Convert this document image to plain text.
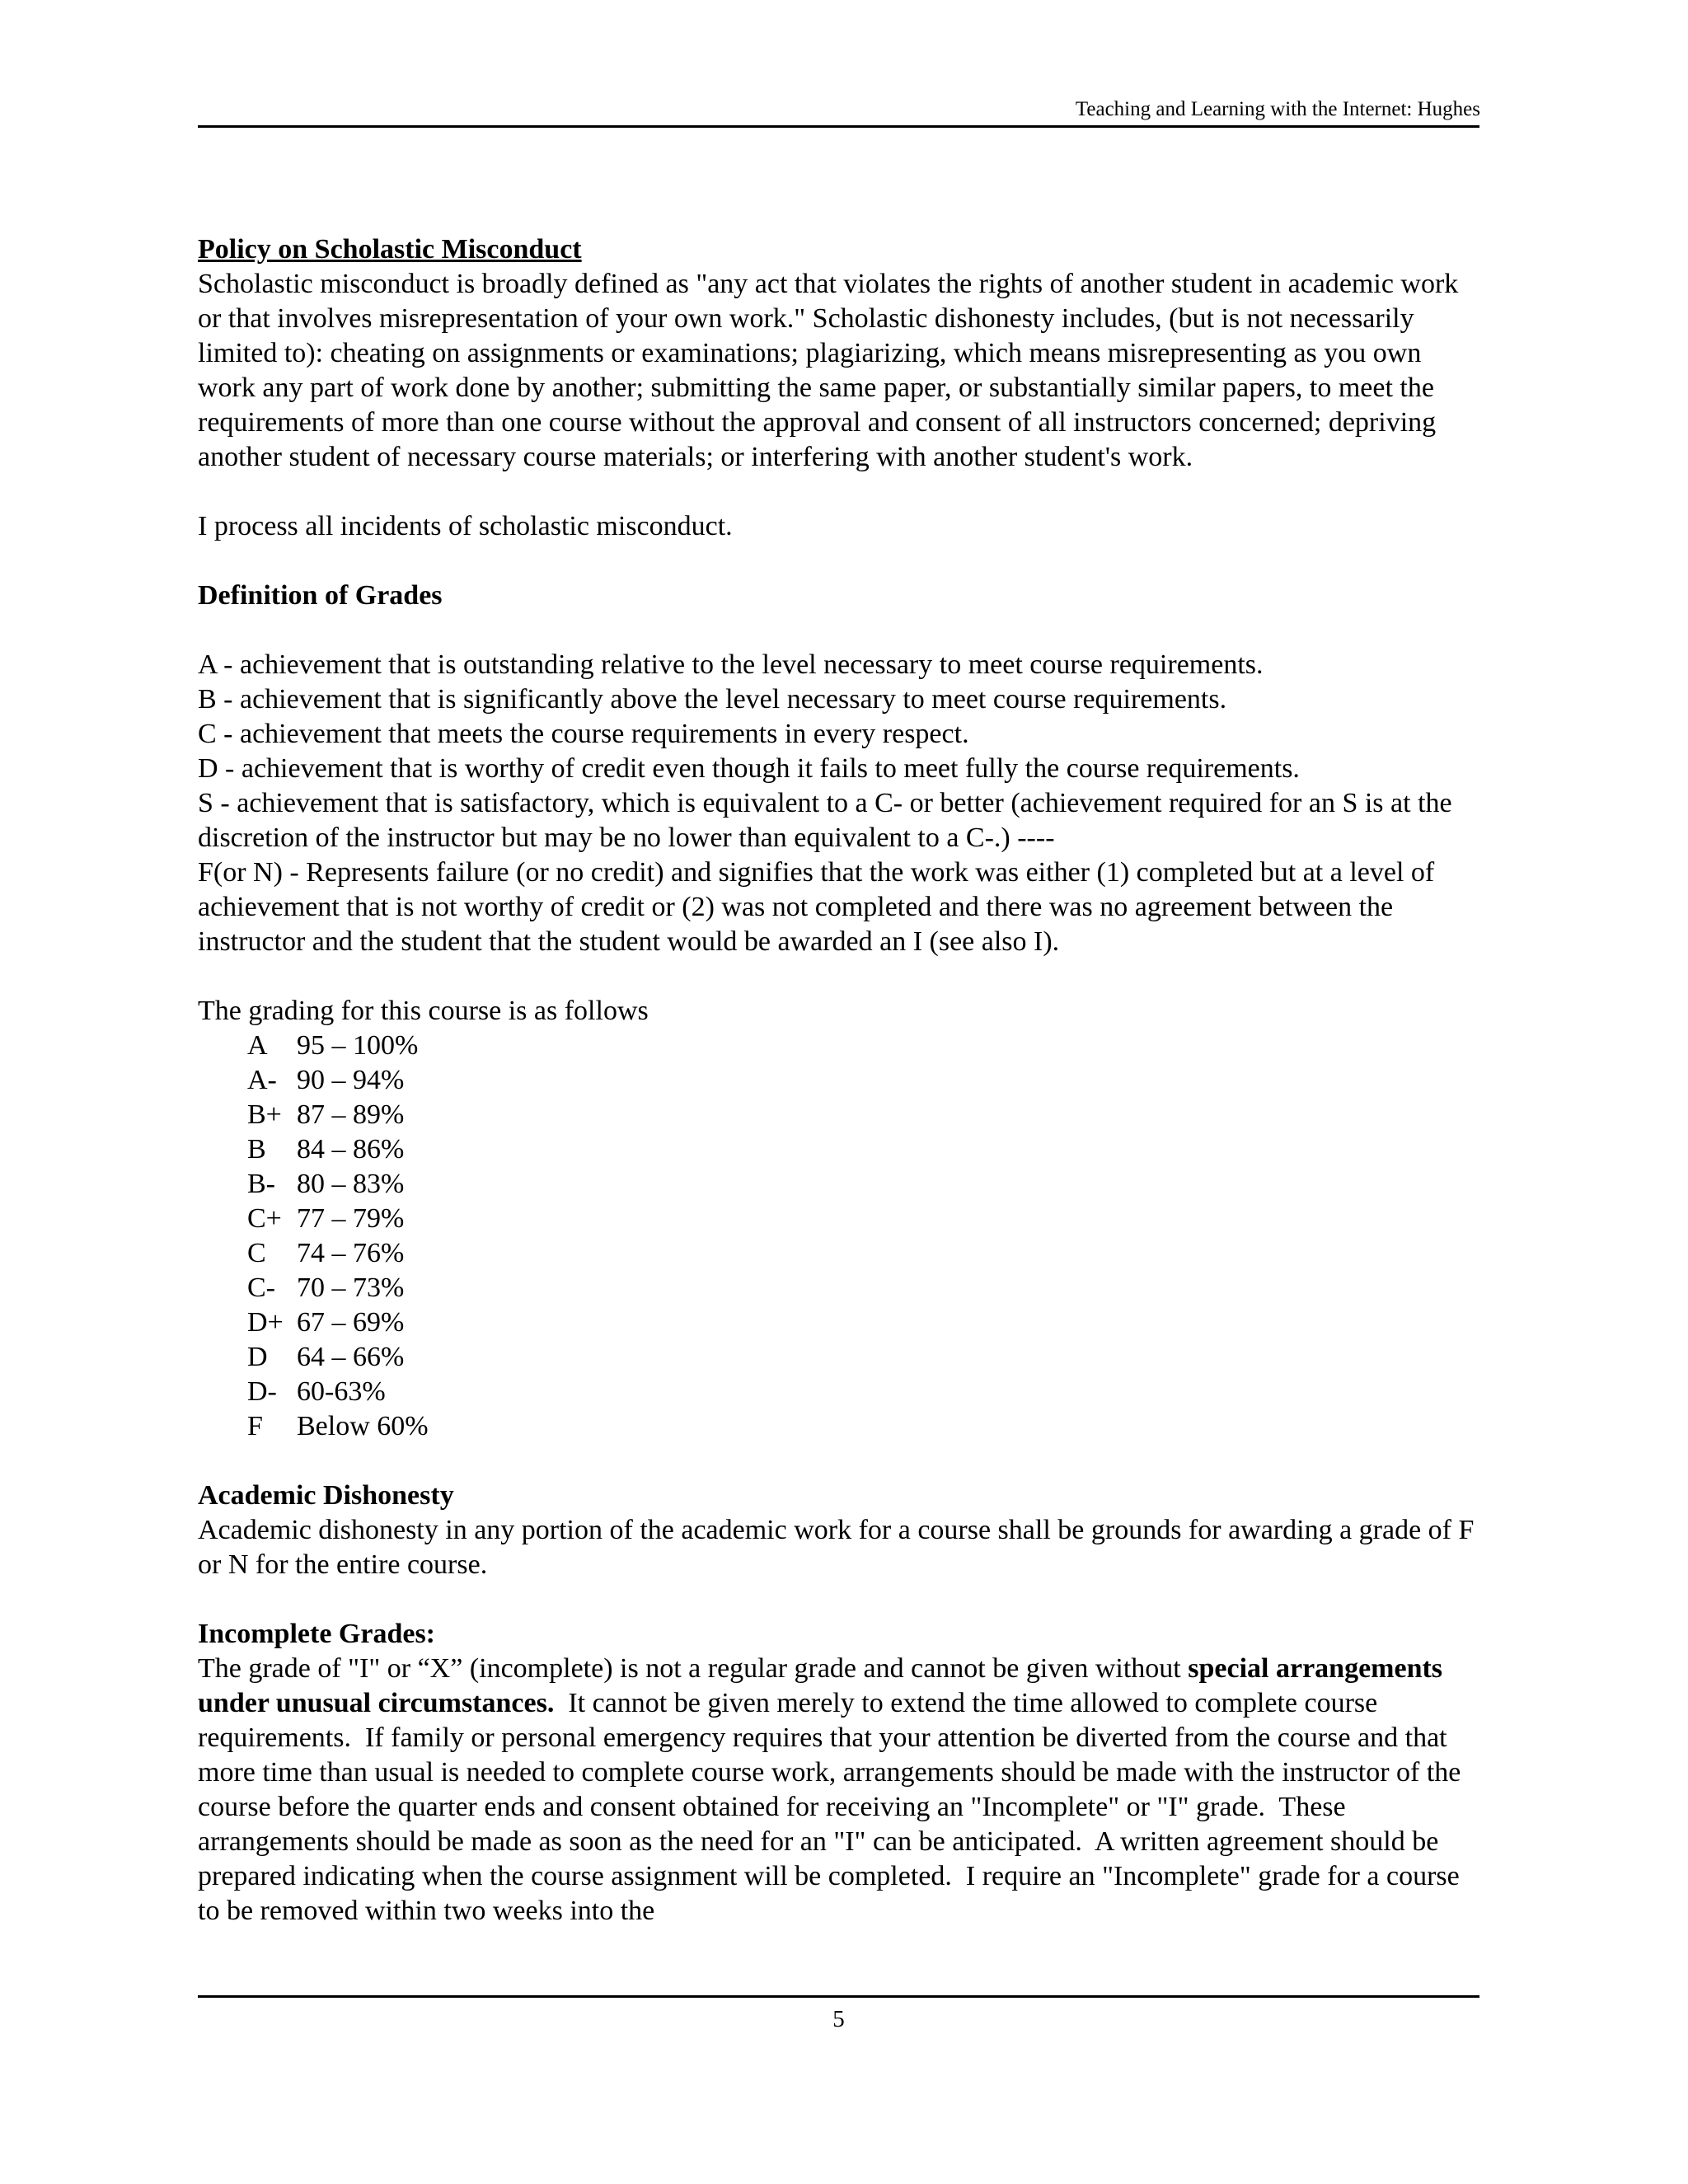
Teaching and Learning with the Internet: Hughes

Policy on Scholastic Misconduct

Scholastic misconduct is broadly defined as "any act that violates the rights of another student in academic work or that involves misrepresentation of your own work." Scholastic dishonesty includes, (but is not necessarily limited to): cheating on assignments or examinations; plagiarizing, which means misrepresenting as you own work any part of work done by another; submitting the same paper, or substantially similar papers, to meet the requirements of more than one course without the approval and consent of all instructors concerned; depriving another student of necessary course materials; or interfering with another student's work.

I process all incidents of scholastic misconduct.

Definition of Grades

A - achievement that is outstanding relative to the level necessary to meet course requirements.

B - achievement that is significantly above the level necessary to meet course requirements.

C - achievement that meets the course requirements in every respect.

D - achievement that is worthy of credit even though it fails to meet fully the course requirements.

S - achievement that is satisfactory, which is equivalent to a C- or better (achievement required for an S is at the discretion of the instructor but may be no lower than equivalent to a C-.) ----

F(or N) - Represents failure (or no credit) and signifies that the work was either (1) completed but at a level of achievement that is not worthy of credit or (2) was not completed and there was no agreement between the instructor and the student that the student would be awarded an I (see also I).

The grading for this course is as follows

A	95 – 100%
A-	90 – 94%
B+	87 – 89%
B	84 – 86%
B-	80 – 83%
C+	77 – 79%
C	74 – 76%
C-	70 – 73%
D+	67 – 69%
D	64 – 66%
D-	60-63%
F	Below 60%

Academic Dishonesty

Academic dishonesty in any portion of the academic work for a course shall be grounds for awarding a grade of F or N for the entire course.

Incomplete Grades:

The grade of "I" or “X” (incomplete) is not a regular grade and cannot be given without special arrangements under unusual circumstances.  It cannot be given merely to extend the time allowed to complete course requirements.  If family or personal emergency requires that your attention be diverted from the course and that more time than usual is needed to complete course work, arrangements should be made with the instructor of the course before the quarter ends and consent obtained for receiving an "Incomplete" or "I" grade.  These arrangements should be made as soon as the need for an "I" can be anticipated.  A written agreement should be prepared indicating when the course assignment will be completed.  I require an "Incomplete" grade for a course to be removed within two weeks into the

5
